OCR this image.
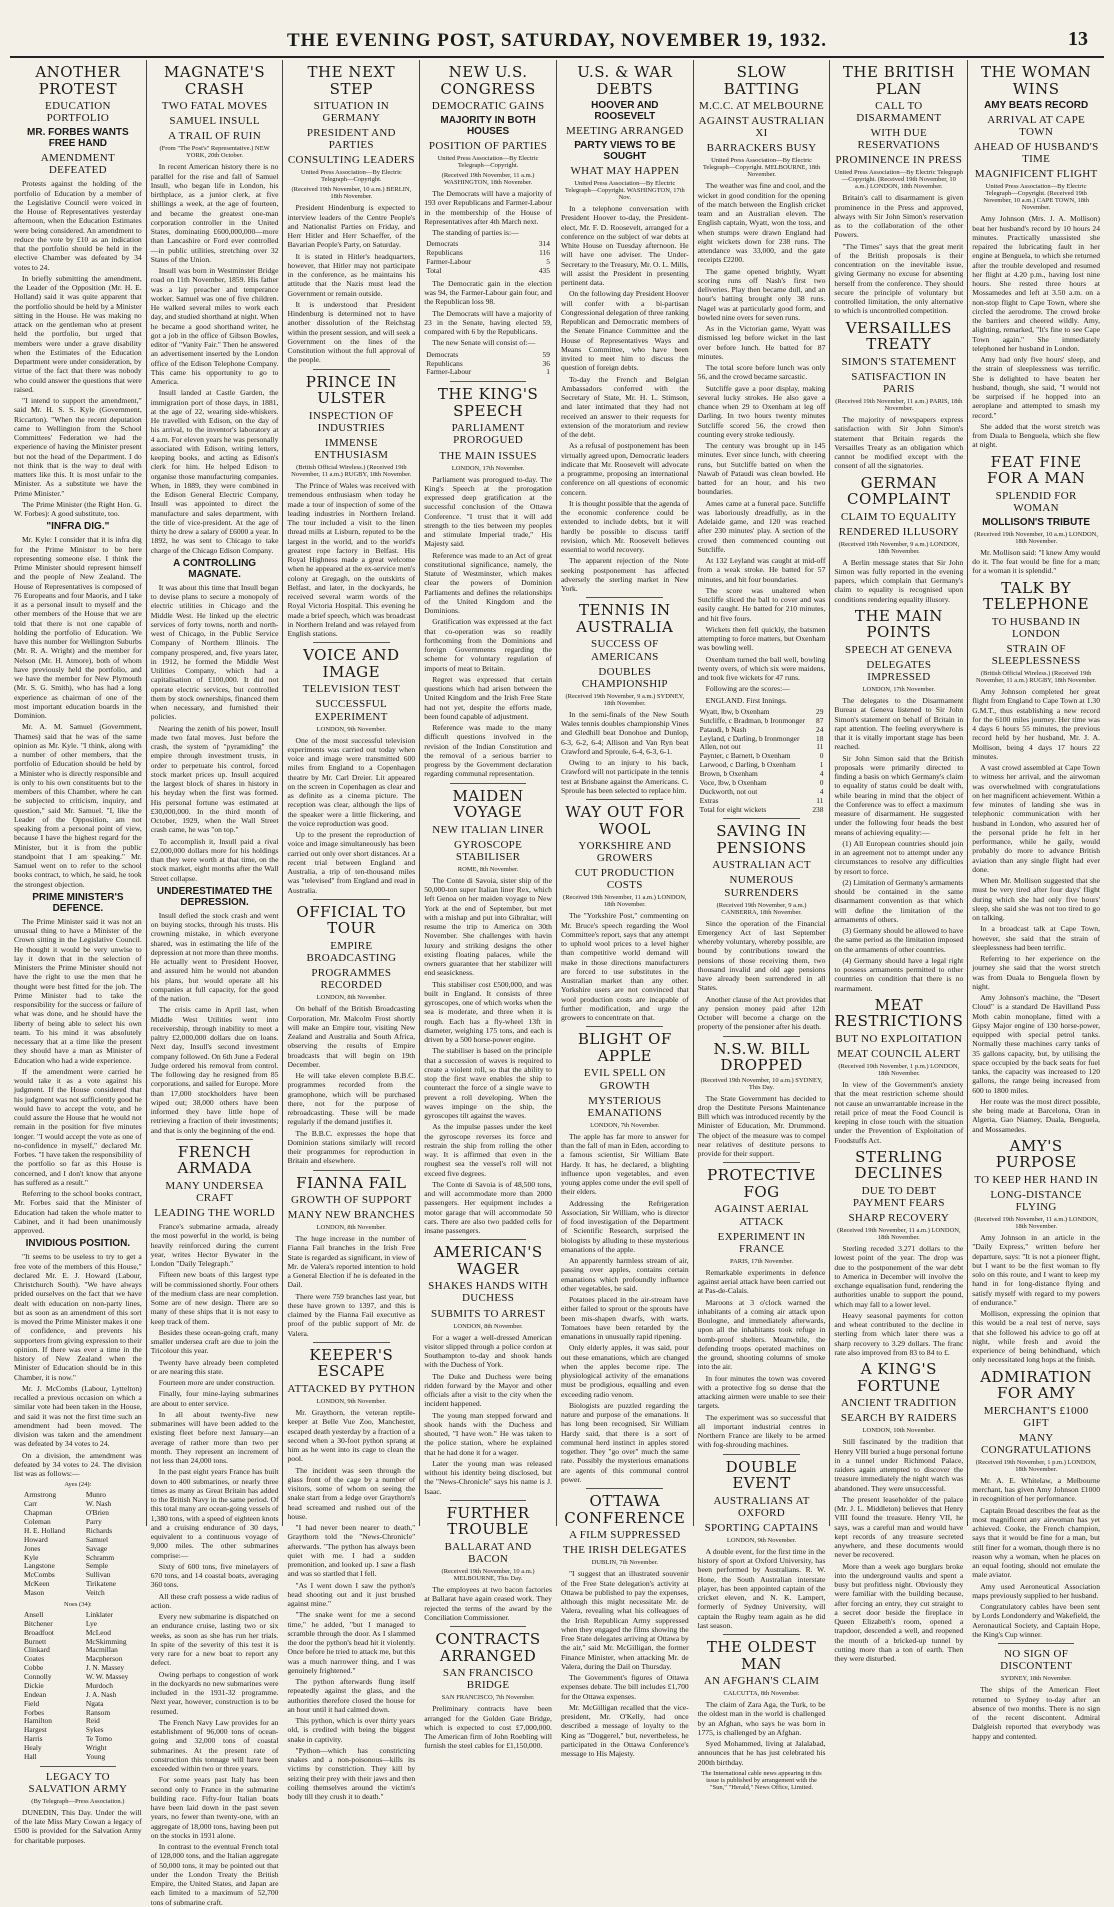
THE EVENING POST, SATURDAY, NOVEMBER 19, 1932.	13
ANOTHER PROTEST
EDUCATION PORTFOLIO
MR. FORBES WANTS FREE HAND
AMENDMENT DEFEATED
Protests against the holding of the portfolio of Education by a member of the Legislative Council were voiced in the House of Representatives yesterday afternoon, when the Education Estimates were being considered. An amendment to reduce the vote by £10 as an indication that the portfolio should be held in the elective Chamber was defeated by 34 votes to 24.
In briefly submitting the amendment, the Leader of the Opposition (Mr. H. E. Holland) said it was quite apparent that the portfolio should be held by a Minister sitting in the House. He was making no attack on the gentleman who at present held the portfolio, but urged that members were under a grave disability when the Estimates of the Education Department were under consideration, by virtue of the fact that there was nobody who could answer the questions that were raised.
"I intend to support the amendment," said Mr. H. S. S. Kyle (Government, Riccarton). "When the recent deputation came to Wellington from the School Committees' Federation we had the experience of having the Minister present but not the head of the Department. I do not think that is the way to deal with matters like this. It is most unfair to the Minister. As a substitute we have the Prime Minister."
The Prime Minister (the Right Hon. G. W. Forbes): A good substitute, too.
"INFRA DIG."
Mr. Kyle: I consider that it is infra dig for the Prime Minister to be here representing someone else. I think the Prime Minister should represent himself and the people of New Zealand. The House of Representatives is composed of 76 Europeans and four Maoris, and I take it as a personal insult to myself and the other members of the House that we are told that there is not one capable of holding the portfolio of Education. We have this number for Wellington Suburbs (Mr. R. A. Wright) and the member for Nelson (Mr. H. Atmore), both of whom have previously held the portfolio, and we have the member for New Plymouth (Mr. S. G. Smith), who has had a long experience as chairman of one of the most important education boards in the Dominion.
Mr. A. M. Samuel (Government, Thames) said that he was of the same opinion as Mr. Kyle. "I think, along with a number of other members, that the portfolio of Education should be held by a Minister who is directly responsible and is only to his own constituents but to the members of this Chamber, where he can be subjected to criticism, inquiry, and question," said Mr. Samuel. "I, like the Leader of the Opposition, am not speaking from a personal point of view, because I have the highest regard for the Minister, but it is from the public standpoint that I am speaking." Mr. Samuel went on to refer to the school books contract, to which, he said, he took the strongest objection.
PRIME MINISTER'S DEFENCE.
The Prime Minister said it was not an unusual thing to have a Minister of the Crown sitting in the Legislative Council. He thought it would be very unwise to lay it down that in the selection of Ministers the Prime Minister should not have the right to use the men that he thought were best fitted for the job. The Prime Minister had to take the responsibility for the success or failure of what was done, and he should have the liberty of being able to select his own team. To his mind it was absolutely necessary that at a time like the present they should have a man as Minister of Education who had a wide experience.
If the amendment were carried he would take it as a vote against his judgment. If the House considered that his judgment was not sufficiently good he would have to accept the vote, and he could assure the House that he would not remain in the position for five minutes longer. "I would accept the vote as one of no-confidence in myself," declared Mr. Forbes. "I have taken the responsibility of the portfolio so far as this House is concerned, and I don't know that anyone has suffered as a result."
Referring to the school books contract, Mr. Forbes said that the Minister of Education had taken the whole matter to Cabinet, and it had been unanimously approved.
INVIDIOUS POSITION.
"It seems to be useless to try to get a free vote of the members of this House," declared Mr. E. J. Howard (Labour, Christchurch South). "We have always prided ourselves on the fact that we have dealt with education on non-party lines, but as soon as an amendment of this sort is moved the Prime Minister makes it one of confidence, and prevents his supporters from giving expression to their opinion. If there was ever a time in the history of New Zealand when the Minister of Education should be in this Chamber, it is now."
Mr. J. McCombs (Labour, Lyttelton) recalled a previous occasion on which a similar vote had been taken in the House, and said it was not the first time such an amendment had been moved. The division was taken and the amendment was defeated by 34 votes to 24.
On a division, the amendment was defeated by 34 votes to 24. The division list was as follows:—
Ayes (24):
Armstrong	Munro
Carr	W. Nash
Chapman	O'Brien
Coleman	Parry
H. E. Holland	Richards
Howard	Samuel
Jones	Savage
Kyle	Schramm
Langstone	Semple
McCombs	Sullivan
McKeen	Tirikatene
Mason	Veitch
Noes (34):
Ansell	Linklater
Bitchener	Lye
Broadfoot	McLeod
Burnett	McSkimming
Clinkard	Macmillan
Coates	Macpherson
Cobbe	J. N. Massey
Connolly	W. W. Massey
Dickie	Murdoch
Endean	J. A. Nash
Field	Ngata
Forbes	Ransom
Hamilton	Reid
Hargest	Sykes
Harris	Te Tomo
Healy	Wright
Hall	Young
LEGACY TO SALVATION ARMY
(By Telegraph—Press Association.)
DUNEDIN, This Day. Under the will of the late Miss Mary Cowan a legacy of £500 is provided for the Salvation Army for charitable purposes.
MAGNATE'S CRASH
TWO FATAL MOVES
SAMUEL INSULL
A TRAIL OF RUIN
(From "The Post's" Representative.) NEW YORK, 20th October.
In recent American history there is no parallel for the rise and fall of Samuel Insull, who began life in London, his birthplace, as a junior clerk, at five shillings a week, at the age of fourteen, and became the greatest one-man corporation controller in the United States, dominating £600,000,000—more than Lancashire or Ford ever controlled—in public utilities, stretching over 32 States of the Union.
Insull was born in Westminster Bridge road on 11th November, 1859. His father was a lay preacher and temperance worker. Samuel was one of five children. He walked several miles to work each day, and studied shorthand at night. When he became a good shorthand writer, he got a job in the office of Gibson Bowles, editor of "Vanity Fair." Then he answered an advertisement inserted by the London office of the Edison Telephone Company. This came his opportunity to go to America.
Insull landed at Castle Garden, the immigration port of those days, in 1881, at the age of 22, wearing side-whiskers. He travelled with Edison, on the day of his arrival, to the inventor's laboratory at 4 a.m. For eleven years he was personally associated with Edison, writing letters, keeping books, and acting as Edison's clerk for him. He helped Edison to organise those manufacturing companies. When, in 1889, they were combined in the Edison General Electric Company, Insull was appointed to direct the manufacture and sales department, with the title of vice-president. At the age of thirty he drew a salary of £6000 a year. In 1892, he was sent to Chicago to take charge of the Chicago Edison Company.
A CONTROLLING MAGNATE.
It was about this time that Insull began to devise plans to secure a monopoly of electric utilities in Chicago and the Middle West. He linked up the electric services of forty towns, north and north-west of Chicago, in the Public Service Company of Northern Illinois. The company prospered, and, five years later, in 1912, he formed the Middle West Utilities Company, which had a capitalisation of £100,000. It did not operate electric services, but controlled them by stock ownerships, financed them when necessary, and furnished their policies.
Nearing the zenith of his power, Insull made two fatal moves. Just before the crash, the system of "pyramiding" the empire through investment trusts, in order to perpetuate his control, forced stock market prices up. Insull acquired the largest block of shares in history in his heyday when the first was formed. His personal fortune was estimated at £30,000,000. In the third month of October, 1929, when the Wall Street crash came, he was "on top."
To accomplish it, Insull paid a rival £2,000,000 dollars more for his holdings than they were worth at that time, on the stock market, eight months after the Wall Street collapse.
UNDERESTIMATED THE DEPRESSION.
Insull defied the stock crash and went on buying stocks, through his trusts. His crowning mistake, in which everyone shared, was in estimating the life of the depression at not more than three months. He actually went to President Hoover, and assured him he would not abandon his plans, but would operate all his companies at full capacity, for the good of the nation.
The crisis came in April last, when Middle West Utilities went into receivership, through inability to meet a paltry £2,000,000 dollars due on loans. Next day, Insull's second investment company followed. On 6th June a Federal Judge ordered his removal from control. The following day he resigned from 85 corporations, and sailed for Europe. More than 17,000 stockholders have been wiped out; 38,000 others have been informed they have little hope of retrieving a fraction of their investments; and that is only the beginning of the end.
FRENCH ARMADA
MANY UNDERSEA CRAFT
LEADING THE WORLD
France's submarine armada, already the most powerful in the world, is being heavily reinforced during the current year, writes Hector Bywater in the London "Daily Telegraph."
Fifteen new boats of this largest type will be commissioned shortly. Four others of the medium class are near completion. Some are of new design. There are so many of these ships that it is not easy to keep track of them.
Besides these ocean-going craft, many smaller undersea craft are due to join the Tricolour this year.
Twenty have already been completed or are nearing this state.
Fourteen more are under construction.
Finally, four mine-laying submarines are about to enter service.
In all about twenty-five new submarines will have been added to the existing fleet before next January—an average of rather more than two per month. They represent an increment of not less than 24,000 tons.
In the past eight years France has built down to 400 submarines, or nearly three times as many as Great Britain has added to the British Navy in the same period. Of this total many are ocean-going vessels of 1,380 tons, with a speed of eighteen knots and a cruising endurance of 30 days, equivalent to a continuous voyage of 9,000 miles. The other submarines comprise:—
Sixty of 600 tons, five minelayers of 670 tons, and 14 coastal boats, averaging 360 tons.
All these craft possess a wide radius of action.
Every new submarine is dispatched on an endurance cruise, lasting two or six weeks, as soon as she has run her trials. In spite of the severity of this test it is very rare for a new boat to report any defect.
Owing perhaps to congestion of work in the dockyards no new submarines were included in the 1931-32 programme. Next year, however, construction is to be resumed.
The French Navy Law provides for an establishment of 96,000 tons of ocean-going and 32,000 tons of coastal submarines. At the present rate of construction this tonnage will have been exceeded within two or three years.
For some years past Italy has been second only to France in the submarine building race. Fifty-four Italian boats have been laid down in the past seven years, no fewer than twenty-one, with an aggregate of 18,000 tons, having been put on the stocks in 1931 alone.
In contrast to the eventual French total of 128,000 tons, and the Italian aggregate of 50,000 tons, it may be pointed out that under the London Treaty the British Empire, the United States, and Japan are each limited to a maximum of 52,700 tons of submarine craft.
THE NEXT STEP
SITUATION IN GERMANY
PRESIDENT AND PARTIES
CONSULTING LEADERS
United Press Association—By Electric Telegraph—Copyright.
(Received 19th November, 10 a.m.) BERLIN, 18th November.
President Hindenburg is expected to interview leaders of the Centre People's and Nationalist Parties on Friday, and Herr Hitler and Herr Schaeffer, of the Bavarian People's Party, on Saturday.
It is stated in Hitler's headquarters, however, that Hitler may not participate in the conference, as he maintains his attitude that the Nazis must lead the Government or remain outside.
It is understood that President Hindenburg is determined not to have another dissolution of the Reichstag within the present session, and will seek a Government on the lines of the Constitution without the full approval of the people.
PRINCE IN ULSTER
INSPECTION OF INDUSTRIES
IMMENSE ENTHUSIASM
(British Official Wireless.) (Received 19th November, 11 a.m.) RUGBY, 18th November.
The Prince of Wales was received with tremendous enthusiasm when today he made a tour of inspection of some of the leading industries in Northern Ireland. The tour included a visit to the linen thread mills at Lisburn, reputed to be the largest in the world, and to the world's greatest rope factory in Belfast. His Royal Highness made a great welcome when he appeared at the ex-service men's colony at Gregagh, on the outskirts of Belfast, and later, in the dockyards, he received several warm words of the Royal Victoria Hospital. This evening he made a brief speech, which was broadcast in Northern Ireland and was relayed from English stations.
VOICE AND IMAGE
TELEVISION TEST
SUCCESSFUL EXPERIMENT
LONDON, 9th November.
One of the most successful television experiments was carried out today when voice and image were transmitted 600 miles from England to a Copenhagen theatre by Mr. Carl Dreier. Lit appeared on the screen in Copenhagen as clear and as definite as a cinema picture. The reception was clear, although the lips of the speaker were a little flickering, and the voice reproduction was good.
Up to the present the reproduction of voice and image simultaneously has been carried out only over short distances. At a recent trial between England and Australia, a trip of ten-thousand miles was "televised" from England and read in Australia.
OFFICIAL TO TOUR
EMPIRE BROADCASTING
PROGRAMMES RECORDED
LONDON, 8th November.
On behalf of the British Broadcasting Corporation, Mr. Malcolm Frost shortly will make an Empire tour, visiting New Zealand and Australia and South Africa, observing the results of Empire broadcasts that will begin on 19th December.
He will take eleven complete B.B.C. programmes recorded from the gramophone, which will be purchased there, not for the purpose of rebroadcasting. These will be made regularly if the demand justifies it.
The B.B.C. expresses the hope that Dominion stations similarly will record their programmes for reproduction in Britain and elsewhere.
FIANNA FAIL
GROWTH OF SUPPORT
MANY NEW BRANCHES
LONDON, 8th November.
The huge increase in the number of Fianna Fail branches in the Irish Free State is regarded as significant, in view of Mr. de Valera's reported intention to hold a General Election if he is defeated in the Dail.
There were 759 branches last year, but these have grown to 1397, and this is claimed by the Fianna Fail executive as proof of the public support of Mr. de Valera.
KEEPER'S ESCAPE
ATTACKED BY PYTHON
LONDON, 9th November.
Mr. Graythorn, the veteran reptile-keeper at Belle Vue Zoo, Manchester, escaped death yesterday by a fraction of a second when a 30-foot python sprang at him as he went into its cage to clean the pool.
The incident was seen through the glass front of the cage by a number of visitors, some of whom on seeing the snake start from a ledge over Graythorn's head screamed and rushed out of the house.
"I had never been nearer to death," Graythorn told the "News-Chronicle" afterwards. "The python has always been quiet with me. I had a sudden premonition, and looked up. I saw a flash and was so startled that I fell.
"As I went down I saw the python's head shooting out and it just brushed against mine."
"The snake went for me a second time," he added, "but I managed to scramble through the door. As I slammed the door the python's head hit it violently. Once before he tried to attack me, but this was a much narrower thing, and I was genuinely frightened."
The python afterwards flung itself repeatedly against the glass, and the authorities therefore closed the house for an hour until it had calmed down.
This python, which is over thirty years old, is credited with being the biggest snake in captivity.
"Python—which has constricting snakes and a non-poisonous—kills its victims by constriction. They kill by seizing their prey with their jaws and then coiling themselves around the victim's body till they crush it to death."
NEW U.S. CONGRESS
DEMOCRATIC GAINS
MAJORITY IN BOTH HOUSES
POSITION OF PARTIES
United Press Association—By Electric Telegraph—Copyright.
(Received 19th November, 11 a.m.) WASHINGTON, 18th November.
The Democrats will have a majority of 193 over Republicans and Farmer-Labour in the membership of the House of Representatives after 4th March next.
The standing of parties is:—
Democrats	314
Republicans	116
Farmer-Labour	5
Total	435
The Democratic gain in the election was 94, the Farmer-Labour gain four, and the Republican loss 98.
The Democrats will have a majority of 23 in the Senate, having elected 59, compared with 6 by the Republicans.
The new Senate will consist of:—
Democrats	59
Republicans	36
Farmer-Labour	1
THE KING'S SPEECH
PARLIAMENT PROROGUED
THE MAIN ISSUES
LONDON, 17th November.
Parliament was prorogued to-day. The King's Speech at the prorogation expressed deep gratification at the successful conclusion of the Ottawa Conference. "I trust that it will add strength to the ties between my peoples and stimulate Imperial trade," His Majesty said.
Reference was made to an Act of great constitutional significance, namely, the Statute of Westminster, which makes clear the powers of Dominion Parliaments and defines the relationships of the United Kingdom and the Dominions.
Gratification was expressed at the fact that co-operation was so readily forthcoming from the Dominions and foreign Governments regarding the scheme for voluntary regulation of imports of meat to Britain.
Regret was expressed that certain questions which had arisen between the United Kingdom and the Irish Free State had not yet, despite the efforts made, been found capable of adjustment.
Reference was made to the many difficult questions involved in the revision of the Indian Constitution and the removal of a serious barrier to progress by the Government declaration regarding communal representation.
MAIDEN VOYAGE
NEW ITALIAN LINER
GYROSCOPE STABILISER
ROME, 8th November.
The Conte di Savoia, sister ship of the 50,000-ton super Italian liner Rex, which left Genoa on her maiden voyage to New York at the end of September, but met with a mishap and put into Gibraltar, will resume the trip to America on 30th November. She challenges with havin luxury and striking designs the other existing floating palaces, while the owners guarantee that her stabilizer will end seasickness.
This stabiliser cost £500,000, and was built in England. It consists of three gyroscopes, one of which works when the sea is moderate, and three when it is rough. Each has a fly-wheel 13ft in diameter, weighing 175 tons, and each is driven by a 500 horse-power engine.
The stabiliser is based on the principle that a succession of waves is required to create a violent roll, so that the ability to stop the first wave enables the ship to counteract the force of a single wave to prevent a roll developing. When the waves impinge on the ship, the gyroscopes tilt against the waves.
As the impulse passes under the keel the gyroscope reverses its force and restrain the ship from rolling the other way. It is affirmed that even in the roughest sea the vessel's roll will not exceed five degrees.
The Conte di Savoia is of 48,500 tons, and will accommodate more than 2000 passengers. Her equipment includes a motor garage that will accommodate 50 cars. There are also two padded cells for insane passengers.
AMERICAN'S WAGER
SHAKES HANDS WITH DUCHESS
SUBMITS TO ARREST
LONDON, 8th November.
For a wager a well-dressed American visitor slipped through a police cordon at Southampton to-day and shook hands with the Duchess of York.
The Duke and Duchess were being ridden forward by the Mayor and other officials after a visit to the city when the incident happened.
The young man stepped forward and shook hands with the Duchess and shouted, "I have won." He was taken to the police station, where he explained that he had done it for a wager.
Later the young man was released without his identity being disclosed, but the "News-Chronicle" says his name is J. Isaac.
FURTHER TROUBLE
BALLARAT AND BACON
(Received 19th November, 10 a.m.) MELBOURNE, This Day.
The employees at two bacon factories at Ballarat have again ceased work. They rejected the terms of the award by the Conciliation Commissioner.
CONTRACTS ARRANGED
SAN FRANCISCO BRIDGE
SAN FRANCISCO, 7th November.
Preliminary contracts have been arranged for the Golden Gate Bridge, which is expected to cost £7,000,000. The American firm of John Roebling will furnish the steel cables for £1,150,000.
U.S. & WAR DEBTS
HOOVER AND ROOSEVELT
MEETING ARRANGED
PARTY VIEWS TO BE SOUGHT
WHAT MAY HAPPEN
United Press Association—By Electric Telegraph—Copyright. WASHINGTON, 17th Nov.
In a telephone conversation with President Hoover to-day, the President-elect, Mr. F. D. Roosevelt, arranged for a conference on the subject of war debts at White House on Tuesday afternoon. He will have one adviser. The Under-Secretary to the Treasury, Mr. O. L. Mills, will assist the President in presenting pertinent data.
On the following day President Hoover will confer with a bi-partisan Congressional delegation of three ranking Republican and Democratic members of the Senate Finance Committee and the House of Representatives Ways and Means Committee, who have been invited to meet him to discuss the question of foreign debts.
To-day the French and Belgian Ambassadors conferred with the Secretary of State, Mr. H. L. Stimson, and later intimated that they had not received an answer to their requests for extension of the moratorium and review of the debt.
As a refusal of postponement has been virtually agreed upon, Democratic leaders indicate that Mr. Roosevelt will advocate a programme, proposing an international conference on all questions of economic concern.
It is thought possible that the agenda of the economic conference could be extended to include debts, but it will hardly be possible to discuss tariff revision, which Mr. Roosevelt believes essential to world recovery.
The apparent rejection of the Note seeking postponement has affected adversely the sterling market in New York.
TENNIS IN AUSTRALIA
SUCCESS OF AMERICANS
DOUBLES CHAMPIONSHIP
(Received 19th November, 9 a.m.) SYDNEY, 18th November.
In the semi-finals of the New South Wales tennis doubles championship Vines and Gledhill beat Donohoe and Dunlop, 6-3, 6-2, 6-4; Allison and Van Ryn beat Crawford and Sproule, 6-4, 6-3, 6-1.
Owing to an injury to his back, Crawford will not participate in the tennis test at Brisbane against the Americans. C. Sproule has been selected to replace him.
WAY OUT FOR WOOL
YORKSHIRE AND GROWERS
CUT PRODUCTION COSTS
(Received 19th November, 11 a.m.) LONDON, 18th November.
The "Yorkshire Post," commenting on Mr. Bruce's speech regarding the Wool Committee's report, says that any attempt to uphold wool prices to a level higher than competitive world demand will make in those directions manufacturers are forced to use substitutes in the Australian market than any other. Yorkshire users are not convinced that wool production costs are incapable of further modification, and urge the growers to concentrate on that.
BLIGHT OF APPLE
EVIL SPELL ON GROWTH
MYSTERIOUS EMANATIONS
LONDON, 7th November.
The apple has far more to answer for than the fall of man in Eden, according to a famous scientist, Sir William Bate Hardy. It has, he declared, a blighting influence upon vegetables, and even young apples come under the evil spell of their elders.
Addressing the Refrigeration Association, Sir William, who is director of food investigation of the Department of Scientific Research, surprised the biologists by alluding to these mysterious emanations of the apple.
An apparently harmless stream of air, passing over apples, contains certain emanations which profoundly influence other vegetables, he said.
Potatoes placed in the air-stream have either failed to sprout or the sprouts have been mis-shapen dwarfs, with warts. Tomatoes have been retarded by the emanations in unusually rapid ripening.
Only elderly apples, it was said, pour out these emanations, which are changed when the apples become ripe. The physiological activity of the emanations must be prodigious, equalling and even exceeding radio venom.
Biologists are puzzled regarding the nature and purpose of the emanations. It has long been recognised, Sir William Hardy said, that there is a sort of communal herd instinct in apples stored together. They "go over" much the same rate. Possibly the mysterious emanations are agents of this communal control power.
OTTAWA CONFERENCE
A FILM SUPPRESSED
THE IRISH DELEGATES
DUBLIN, 7th November.
"I suggest that an illustrated souvenir of the Free State delegation's activity at Ottawa be published to pay the expenses, although this might necessitate Mr. de Valera, revealing what his colleagues of the Irish Republican Army suppressed when they engaged the films showing the Free State delegates arriving at Ottawa by the air," said Mr. McGilligan, the former Finance Minister, when attacking Mr. de Valera, during the Dail on Thursday.
The Government's figures of Ottawa expenses debate. The bill includes £1,700 for the Ottawa expenses.
Mr. McGilligan recalled that the vice-president, Mr. O'Kelly, had once described a message of loyalty to the King as "Doggerel," but, nevertheless, he participated in the Ottawa Conference's message to His Majesty.
SLOW BATTING
M.C.C. AT MELBOURNE
AGAINST AUSTRALIAN XI
BARRACKERS BUSY
United Press Association—By Electric Telegraph—Copyright. MELBOURNE, 18th November.
The weather was fine and cool, and the wicket in good condition for the opening of the match between the English cricket team and an Australian eleven. The English captain, Wyatt, won the toss, and when stumps were drawn England had eight wickets down for 238 runs. The attendance was 33,000, and the gate receipts £2200.
The game opened brightly, Wyatt scoring runs off Nash's first two deliveries. Play then became dull, and an hour's batting brought only 38 runs. Nagel was at particularly good form, and bowled nine overs for seven runs.
As in the Victorian game, Wyatt was dismissed leg before wicket in the last over before lunch. He batted for 87 minutes.
The total score before lunch was only 56, and the crowd became sarcastic.
Sutcliffe gave a poor display, making several lucky strokes. He also gave a chance when 29 to Oxenham at leg off Darling. In two hours twenty minutes Sutcliffe scored 56, the crowd then counting every stroke tediously.
The century was brought up in 145 minutes. Ever since lunch, with cheering runs, but Sutcliffe batted on when the Nawab of Pataudi was clean bowled. He batted for an hour, and his two boundaries.
Ames came at a funeral pace. Sutcliffe was laboriously dreadfully, as in the Adelaide game, and 120 was reached after 230 minutes' play. A section of the crowd then commenced counting out Sutcliffe.
At 132 Leyland was caught at mid-off from a weak stroke. He batted for 57 minutes, and hit four boundaries.
The score was unaltered when Sutcliffe sliced the ball to cover and was easily caught. He batted for 210 minutes, and hit five fours.
Wickets then fell quickly, the batsmen attempting to force matters, but Oxenham was bowling well.
Oxenham turned the ball well, bowling twenty overs, of which six were maidens, and took five wickets for 47 runs.
Following are the scores:—
ENGLAND. First Innings.
Wyatt, lbw, b Oxenham	29
Sutcliffe, c Bradman, b Ironmonger	87
Pataudi, b Nash	24
Leyland, c Darling, b Ironmonger	18
Allen, not out	11
Paynter, c Barnett, b Oxenham	0
Larwood, c Darling, b Oxenham	1
Brown, b Oxenham	4
Voce, lbw, b Oxenham	0
Duckworth, not out	4
Extras	11
Total for eight wickets	238
SAVING IN PENSIONS
AUSTRALIAN ACT
NUMEROUS SURRENDERS
(Received 19th November, 9 a.m.) CANBERRA, 18th November.
Since the operation of the Financial Emergency Act of last September whereby voluntary, whereby possible, are bound by contributions toward the pensions of those receiving them, two thousand invalid and old age pensions have already been surrendered in all States.
Another clause of the Act provides that any pension money paid after 12th October will become a charge on the property of the pensioner after his death.
N.S.W. BILL DROPPED
(Received 19th November, 10 a.m.) SYDNEY, This Day.
The State Government has decided to drop the Destitute Persons Maintenance Bill which was introduced recently by the Minister of Education, Mr. Drummond. The object of the measure was to compel near relatives of destitute persons to provide for their support.
PROTECTIVE FOG
AGAINST AERIAL ATTACK
EXPERIMENT IN FRANCE
PARIS, 17th November.
Remarkable experiments in defence against aerial attack have been carried out at Pas-de-Calais.
Maroons at 3 o'clock warned the inhabitants of a coming air attack upon Boulogne, and immediately afterwards, upon all the inhabitants took refuge in bomb-proof shelters. Meanwhile, the defending troops operated machines on the ground, shooting columns of smoke into the air.
In four minutes the town was covered with a protective fog so dense that the attacking airmen were unable to see their targets.
The experiment was so successful that all important industrial centres in Northern France are likely to be armed with fog-shrouding machines.
DOUBLE EVENT
AUSTRALIANS AT OXFORD
SPORTING CAPTAINS
LONDON, 9th November.
A double event, for the first time in the history of sport at Oxford University, has been performed by Australians. R. W. Hone, the South Australian interstate player, has been appointed captain of the cricket eleven, and N. K. Lampert, formerly of Sydney University, will captain the Rugby team again as he did last season.
THE OLDEST MAN
AN AFGHAN'S CLAIM
CALCUTTA, 8th November.
The claim of Zara Aga, the Turk, to be the oldest man in the world is challenged by an Afghan, who says he was born in 1775, is challenged by an Afghan.
Syed Mohammed, living at Jalalabad, announces that he has just celebrated his 200th birthday.
The International cable news appearing in this issue is published by arrangement with the "Sun," "Herald," News Office, Limited.
THE BRITISH PLAN
CALL TO DISARMAMENT
WITH DUE RESERVATIONS
PROMINENCE IN PRESS
United Press Association—By Electric Telegraph—Copyright. (Received 19th November, 10 a.m.) LONDON, 18th November.
Britain's call to disarmament is given prominence in the Press and approved, always with Sir John Simon's reservation as to the collaboration of the other Powers.
"The Times" says that the great merit of the British proposals is their concentration on the inevitable issue, giving Germany no excuse for absenting herself from the conference. They should secure the principle of voluntary but controlled limitation, the only alternative to which is uncontrolled competition.
VERSAILLES TREATY
SIMON'S STATEMENT
SATISFACTION IN PARIS
(Received 19th November, 11 a.m.) PARIS, 18th November.
The majority of newspapers express satisfaction with Sir John Simon's statement that Britain regards the Versailles Treaty as an obligation which cannot be modified except with the consent of all the signatories.
GERMAN COMPLAINT
CLAIM TO EQUALITY
RENDERED ILLUSORY
(Received 19th November, 9 a.m.) LONDON, 18th November.
A Berlin message states that Sir John Simon was fully reported in the evening papers, which complain that Germany's claim to equality is recognised upon conditions rendering equality illusory.
THE MAIN POINTS
SPEECH AT GENEVA
DELEGATES IMPRESSED
LONDON, 17th November.
The delegates to the Disarmament Bureau at Geneva listened to Sir John Simon's statement on behalf of Britain in rapt attention. The feeling everywhere is that it is vitally important stage has been reached.
Sir John Simon said that the British proposals were primarily directed to finding a basis on which Germany's claim to equality of status could be dealt with, while bearing in mind that the object of the Conference was to effect a maximum measure of disarmament. He suggested under the following four heads the best means of achieving equality:—
(1) All European countries should join in an agreement not to attempt under any circumstances to resolve any difficulties by resort to force.
(2) Limitation of Germany's armaments should be contained in the same disarmament convention as that which will define the limitation of the armaments of others.
(3) Germany should be allowed to have the same period as the limitation imposed on the armaments of other countries.
(4) Germany should have a legal right to possess armaments permitted to other countries on condition that there is no rearmament.
MEAT RESTRICTIONS
BUT NO EXPLOITATION
MEAT COUNCIL ALERT
(Received 19th November, 1 p.m.) LONDON, 18th November.
In view of the Government's anxiety that the meat restriction scheme should not cause an unwarrantable increase in the retail price of meat the Food Council is keeping in close touch with the situation under the Prevention of Exploitation of Foodstuffs Act.
STERLING DECLINES
DUE TO DEBT PAYMENT FEARS
SHARP RECOVERY
(Received 19th November, 11 a.m.) LONDON, 18th November.
Sterling receded 3.271 dollars to the lowest point of the year. The drop was due to the postponement of the war debt to America in December will involve the exchange equalisation fund, rendering the authorities unable to support the pound, which may fall to a lower level.
Heavy seasonal payments for cotton and wheat contributed to the decline in sterling from which later there was a sharp recovery to 3.29 dollars. The franc rate also improved from 83 to 84 to £.
A KING'S FORTUNE
ANCIENT TRADITION
SEARCH BY RAIDERS
LONDON, 10th November.
Still fascinated by the tradition that Henry VIII buried a huge personal fortune in a tunnel under Richmond Palace, raiders again attempted to discover the treasure immediately the night watch was abandoned. They were unsuccessful.
The present leaseholder of the palace (Mr. J. L. Middleton) believes that Henry VIII found the treasure. Henry VII, he says, was a careful man and would have kept records of any treasure secreted anywhere, and these documents would never be recovered.
More than a week ago burglars broke into the underground vaults and spent a busy but profitless night. Obviously they were familiar with the building because, after forcing an entry, they cut straight to a secret door beside the fireplace in Queen Elizabeth's room, opened a trapdoor, descended a well, and reopened the mouth of a bricked-up tunnel by cutting more than a ton of earth. Then they were disturbed.
THE WOMAN WINS
AMY BEATS RECORD
ARRIVAL AT CAPE TOWN
AHEAD OF HUSBAND'S TIME
MAGNIFICENT FLIGHT
United Press Association—By Electric Telegraph—Copyright. (Received 19th November, 10 a.m.) CAPE TOWN, 18th November.
Amy Johnson (Mrs. J. A. Mollison) beat her husband's record by 10 hours 24 minutes. Practically unassisted she repaired the lubricating fault in her engine at Benguela, to which she returned after the trouble developed and resumed her flight at 4.20 p.m., having lost nine hours. She rested three hours at Mossamedes and left at 3.50 a.m. on a non-stop flight to Cape Town, where she circled the aerodrome. The crowd broke the barriers and cheered wildly. Amy, alighting, remarked, "It's fine to see Cape Town again." She immediately telephoned her husband in London.
Amy had only five hours' sleep, and the strain of sleeplessness was terrific. She is delighted to have beaten her husband, though, she said, "I would not be surprised if he hopped into an aeroplane and attempted to smash my record."
She added that the worst stretch was from Duala to Benguela, which she flew at night.
FEAT FINE FOR A MAN
SPLENDID FOR WOMAN
MOLLISON'S TRIBUTE
(Received 19th November, 10 a.m.) LONDON, 18th November.
Mr. Mollison said: "I knew Amy would do it. The feat would be fine for a man; for a woman it is splendid."
TALK BY TELEPHONE
TO HUSBAND IN LONDON
STRAIN OF SLEEPLESSNESS
(British Official Wireless.) (Received 19th November, 11 a.m.) RUGBY, 18th November.
Amy Johnson completed her great flight from England to Cape Town at 1.30 G.M.T., thus establishing a new record for the 6100 miles journey. Her time was 4 days 6 hours 55 minutes, the previous record held by her husband, Mr. J. A. Mollison, being 4 days 17 hours 22 minutes.
A vast crowd assembled at Cape Town to witness her arrival, and the airwoman was overwhelmed with congratulations on her magnificent achievement. Within a few minutes of landing she was in telephonic communication with her husband in London, who assured her of the personal pride he felt in her performance, while he gaily, would probably do more to advance British aviation than any single flight had ever done.
When Mr. Mollison suggested that she must be very tired after four days' flight during which she had only five hours' sleep, she said she was not too tired to go on talking.
In a broadcast talk at Cape Town, however, she said that the strain of sleeplessness had been terrific.
Referring to her experience on the journey she said that the worst stretch was from Duala to Benguela flown by night.
Amy Johnson's machine, the "Desert Cloud" is a standard De Havilland Puss Moth cabin monoplane, fitted with a Gipsy Major engine of 130 horse-power, equipped with special petrol tanks. Normally these machines carry tanks of 35 gallons capacity, but, by utilising the space occupied by the back seats for fuel tanks, the capacity was increased to 120 gallons, the range being increased from 600 to 1800 miles.
Her route was the most direct possible, she being made at Barcelona, Oran in Algeria, Gao Niamey, Duala, Benguela, and Mossamedes.
AMY'S PURPOSE
TO KEEP HER HAND IN
LONG-DISTANCE FLYING
(Received 19th November, 11 a.m.) LONDON, 18th November.
Amy Johnson in an article in the "Daily Express," written before her departure, says: "It is not a pioneer flight, but I want to be the first woman to fly solo on this route, and I want to keep my hand in for long-distance flying and satisfy myself with regard to my powers of endurance."
Mollison, expressing the opinion that this would be a real test of nerve, says that she followed his advice to go off at night, while fresh and avoid the experience of being behindhand, which only necessitated long hops at the finish.
ADMIRATION FOR AMY
MERCHANT'S £1000 GIFT
MANY CONGRATULATIONS
(Received 19th November, 1 p.m.) LONDON, 18th November.
Mr. A. E. Whitelaw, a Melbourne merchant, has given Amy Johnson £1000 in recognition of her performance.
Captain Broad describes the feat as the most magnificent any airwoman has yet achieved. Cooke, the French champion, says that it would be fine for a man, but still finer for a woman, though there is no reason why a woman, when he places on an equal footing, should not emulate the male aviator.
Amy used Aeroneutical Association maps previously supplied to her husband.
Congratulatory cables have been sent by Lords Londonderry and Wakefield, the Aeronautical Society, and Captain Hope, the King's Cup winner.
NO SIGN OF DISCONTENT
SYDNEY, 18th November.
The ships of the American Fleet returned to Sydney to-day after an absence of two months. There is no sign of the recent discontent. Admiral Dalgleish reported that everybody was happy and contented.
